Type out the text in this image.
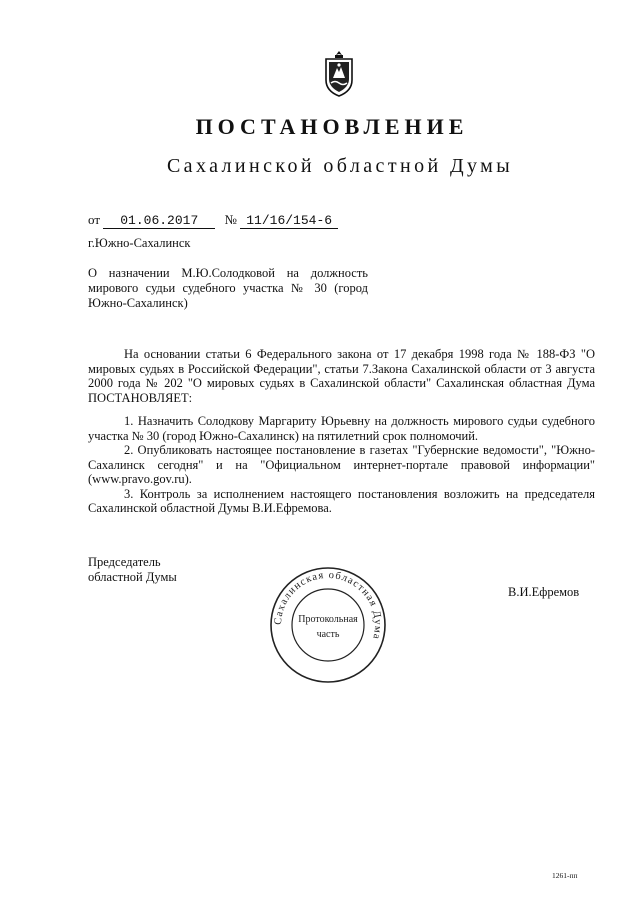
ПОСТАНОВЛЕНИЕ
Сахалинской областной Думы
от 01.06.2017 № 11/16/154-6
г.Южно-Сахалинск
О назначении М.Ю.Солодковой на должность мирового судьи судебного участка № 30 (город Южно-Сахалинск)

На основании статьи 6 Федерального закона от 17 декабря 1998 года № 188-ФЗ "О мировых судьях в Российской Федерации", статьи 7.Закона Сахалинской области от 3 августа 2000 года № 202 "О мировых судьях в Сахалинской области" Сахалинская областная Дума ПОСТАНОВЛЯЕТ:

1. Назначить Солодкову Маргариту Юрьевну на должность мирового судьи судебного участка № 30 (город Южно-Сахалинск) на пятилетний срок полномочий.

2. Опубликовать настоящее постановление в газетах "Губернские ведомости", "Южно-Сахалинск сегодня" и на "Официальном интернет-портале правовой информации" (www.pravo.gov.ru).

3. Контроль за исполнением настоящего постановления возложить на председателя Сахалинской областной Думы В.И.Ефремова.

Председатель
областной Думы
В.И.Ефремов
Сахалинская областная Дума
Протокольная
часть
1261-пп
